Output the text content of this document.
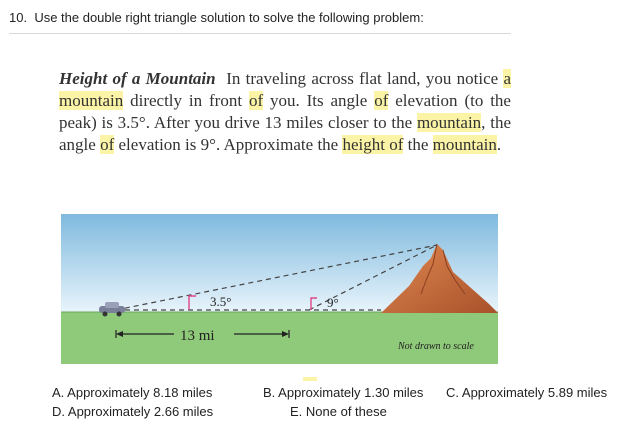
10. Use the double right triangle solution to solve the following problem:
Height of a Mountain In traveling across flat land, you notice a mountain directly in front of you. Its angle of elevation (to the peak) is 3.5°. After you drive 13 miles closer to the mountain, the angle of elevation is 9°. Approximate the height of the mountain.
3.5°	9°
13 mi
Not drawn to scale
A. Approximately 8.18 miles	B. Approximately 1.30 miles C. Approximately 5.89 miles
D. Approximately 2.66 miles	E. None of these
